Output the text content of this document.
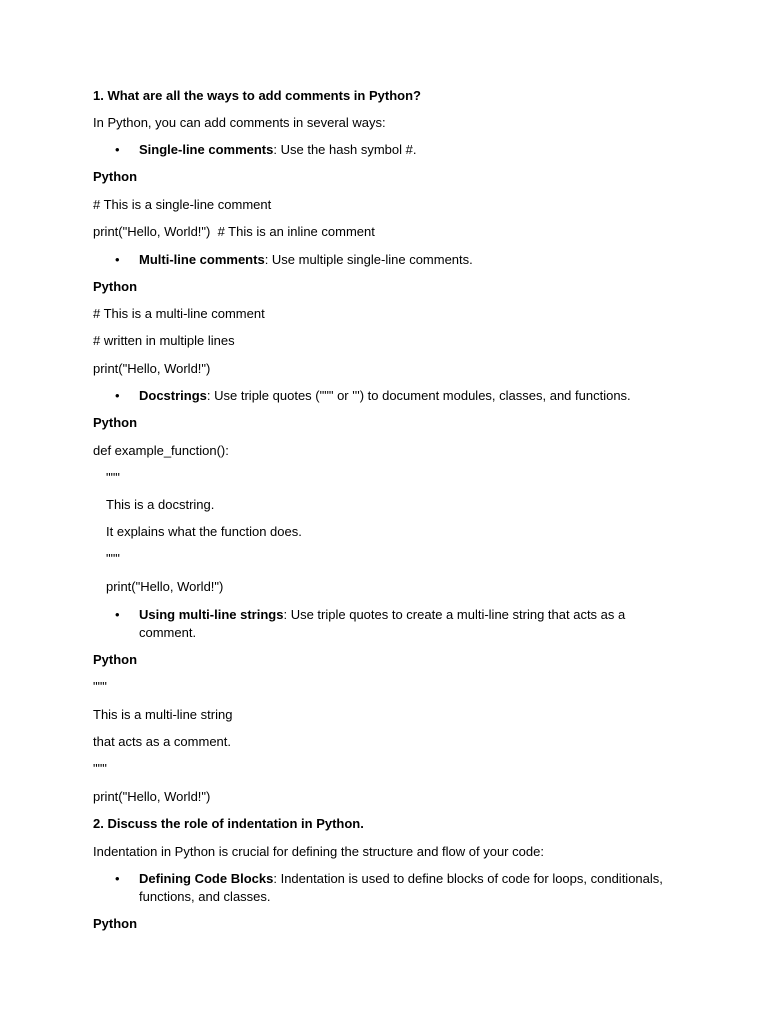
1. What are all the ways to add comments in Python?
In Python, you can add comments in several ways:
• Single-line comments: Use the hash symbol #.
Python
# This is a single-line comment
print("Hello, World!")  # This is an inline comment
• Multi-line comments: Use multiple single-line comments.
Python
# This is a multi-line comment
# written in multiple lines
print("Hello, World!")
• Docstrings: Use triple quotes (""" or ''') to document modules, classes, and functions.
Python
def example_function():
"""
This is a docstring.
It explains what the function does.
"""
print("Hello, World!")
• Using multi-line strings: Use triple quotes to create a multi-line string that acts as a comment.
Python
"""
This is a multi-line string
that acts as a comment.
"""
print("Hello, World!")
2. Discuss the role of indentation in Python.
Indentation in Python is crucial for defining the structure and flow of your code:
• Defining Code Blocks: Indentation is used to define blocks of code for loops, conditionals, functions, and classes.
Python
